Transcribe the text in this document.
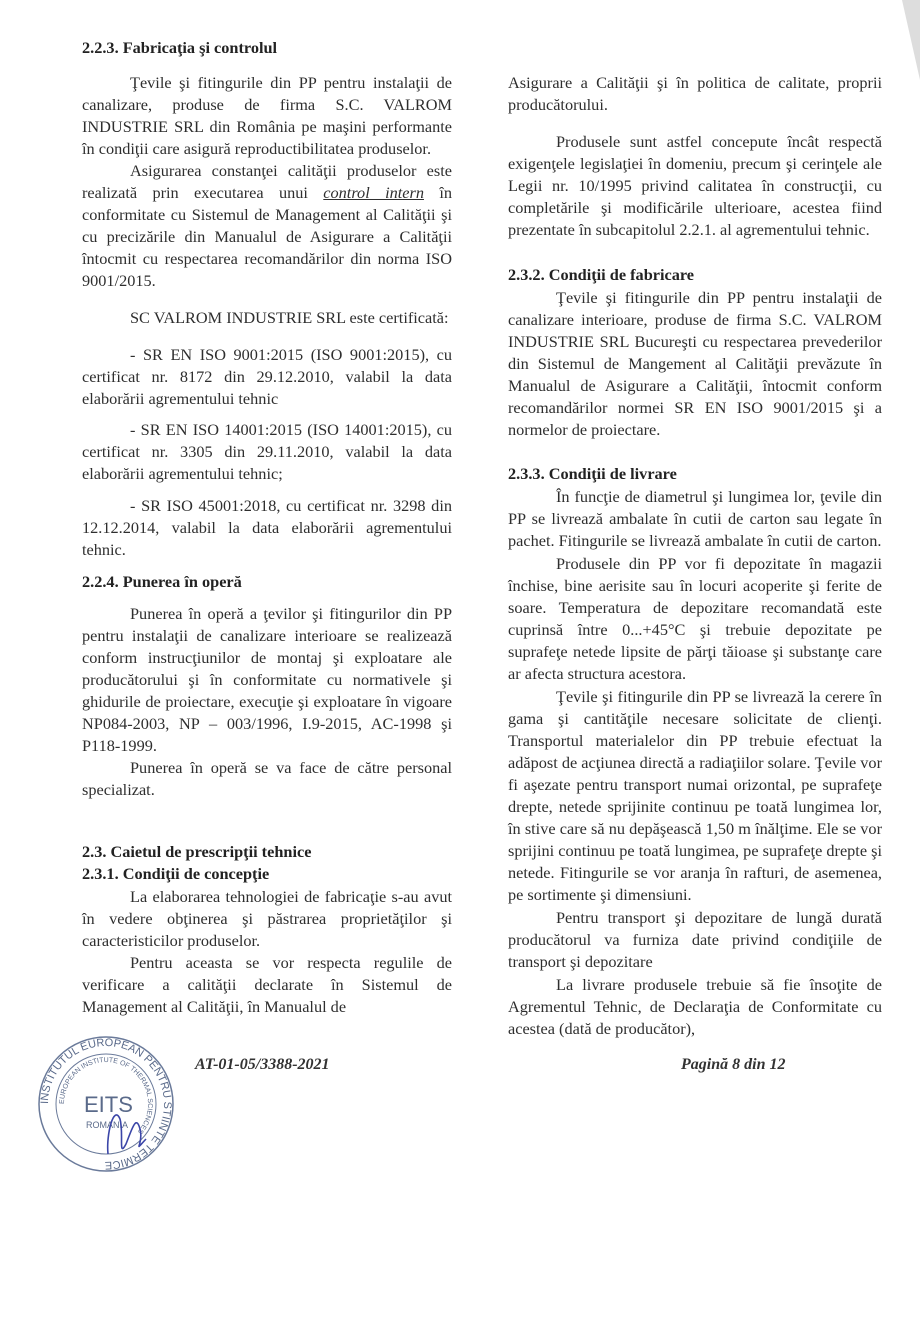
2.2.3. Fabricaţia şi controlul

Ţevile şi fitingurile din PP pentru instalaţii de canalizare, produse de firma S.C. VALROM INDUSTRIE SRL din România pe maşini performante în condiţii care asigură reproductibilitatea produselor.

Asigurarea constanţei calităţii produselor este realizată prin executarea unui control intern în conformitate cu Sistemul de Management al Calităţii şi cu precizările din Manualul de Asigurare a Calităţii întocmit cu respectarea recomandărilor din norma ISO 9001/2015.

SC VALROM INDUSTRIE SRL este certificată:

- SR EN ISO 9001:2015 (ISO 9001:2015), cu certificat nr. 8172 din 29.12.2010, valabil la data elaborării agrementului tehnic

- SR EN ISO 14001:2015 (ISO 14001:2015), cu certificat nr. 3305 din 29.11.2010, valabil la data elaborării agrementului tehnic;

- SR ISO 45001:2018, cu certificat nr. 3298 din 12.12.2014, valabil la data elaborării agrementului tehnic.

2.2.4. Punerea în operă

Punerea în operă a ţevilor şi fitingurilor din PP pentru instalaţii de canalizare interioare se realizează conform instrucţiunilor de montaj şi exploatare ale producătorului şi în conformitate cu normativele şi ghidurile de proiectare, execuţie şi exploatare în vigoare NP084-2003, NP – 003/1996, I.9-2015, AC-1998 şi P118-1999.

Punerea în operă se va face de către personal specializat.

2.3. Caietul de prescripţii tehnice

2.3.1. Condiţii de concepţie

La elaborarea tehnologiei de fabricaţie s-au avut în vedere obţinerea şi păstrarea proprietăţilor şi caracteristicilor produselor.

Pentru aceasta se vor respecta regulile de verificare a calităţii declarate în Sistemul de Management al Calităţii, în Manualul de

Asigurare a Calităţii şi în politica de calitate, proprii producătorului.

Produsele sunt astfel concepute încât respectă exigenţele legislaţiei în domeniu, precum şi cerinţele ale Legii nr. 10/1995 privind calitatea în construcţii, cu completările şi modificările ulterioare, acestea fiind prezentate în subcapitolul 2.2.1. al agrementului tehnic.

2.3.2. Condiţii de fabricare

Ţevile şi fitingurile din PP pentru instalaţii de canalizare interioare, produse de firma S.C. VALROM INDUSTRIE SRL Bucureşti cu respectarea prevederilor din Sistemul de Mangement al Calităţii prevăzute în Manualul de Asigurare a Calităţii, întocmit conform recomandărilor normei SR EN ISO 9001/2015 şi a normelor de proiectare.

2.3.3. Condiţii de livrare

În funcţie de diametrul şi lungimea lor, ţevile din PP se livrează ambalate în cutii de carton sau legate în pachet. Fitingurile se livrează ambalate în cutii de carton.

Produsele din PP vor fi depozitate în magazii închise, bine aerisite sau în locuri acoperite şi ferite de soare. Temperatura de depozitare recomandată este cuprinsă între 0...+45°C şi trebuie depozitate pe suprafeţe netede lipsite de părţi tăioase şi substanţe care ar afecta structura acestora.

Ţevile şi fitingurile din PP se livrează la cerere în gama şi cantităţile necesare solicitate de clienţi. Transportul materialelor din PP trebuie efectuat la adăpost de acţiunea directă a radiaţiilor solare. Ţevile vor fi aşezate pentru transport numai orizontal, pe suprafeţe drepte, netede sprijinite continuu pe toată lungimea lor, în stive care să nu depăşească 1,50 m înălţime. Ele se vor sprijini continuu pe toată lungimea, pe suprafeţe drepte şi netede. Fitingurile se vor aranja în rafturi, de asemenea, pe sortimente şi dimensiuni.

Pentru transport şi depozitare de lungă durată producătorul va furniza date privind condiţiile de transport şi depozitare

La livrare produsele trebuie să fie însoţite de Agrementul Tehnic, de Declaraţia de Conformitate cu acestea (dată de producător),

INSTITUTUL EUROPEAN PENTRU STIINTE TERMICE
EUROPEAN INSTITUTE OF THERMAL SCIENCES
EITS
ROMANIA
AT-01-05/3388-2021	Pagină 8 din 12
